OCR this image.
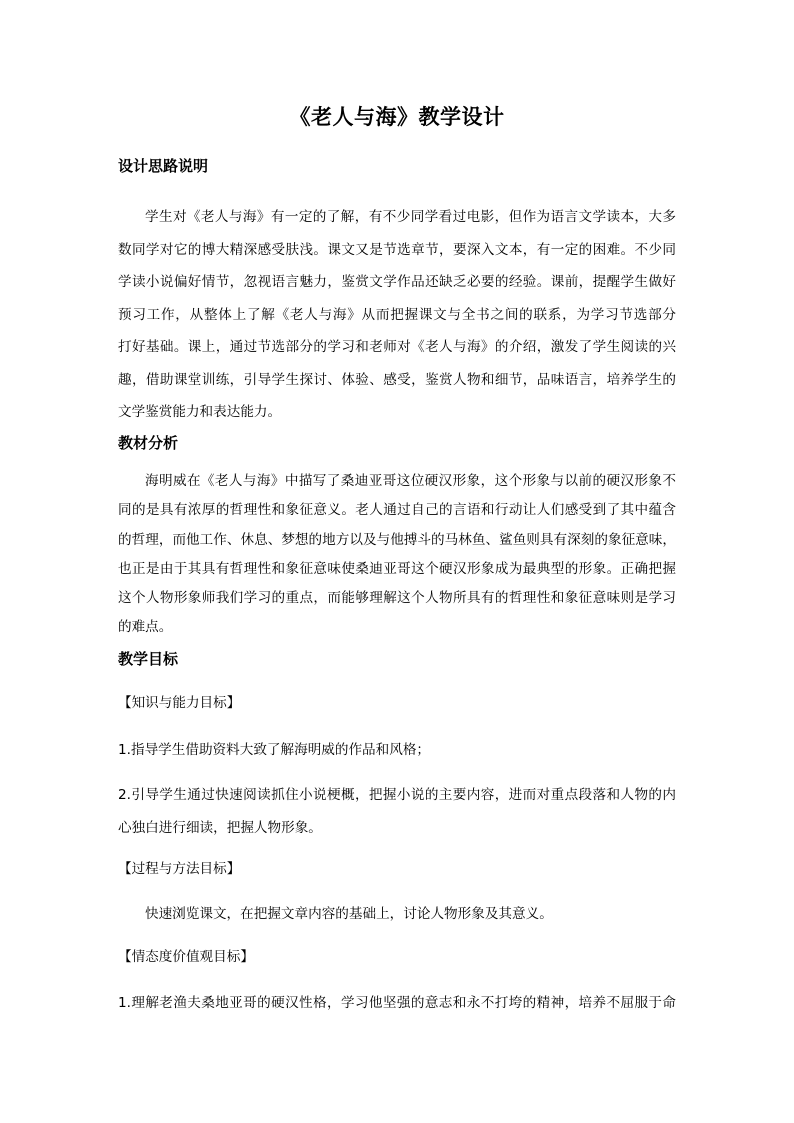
《老人与海》教学设计
设计思路说明
学生对《老人与海》有一定的了解，有不少同学看过电影，但作为语言文学读本，大多
数同学对它的博大精深感受肤浅。课文又是节选章节，要深入文本，有一定的困难。不少同
学读小说偏好情节，忽视语言魅力，鉴赏文学作品还缺乏必要的经验。课前，提醒学生做好
预习工作，从整体上了解《老人与海》从而把握课文与全书之间的联系，为学习节选部分
打好基础。课上，通过节选部分的学习和老师对《老人与海》的介绍，激发了学生阅读的兴
趣，借助课堂训练，引导学生探讨、体验、感受，鉴赏人物和细节，品味语言，培养学生的
文学鉴赏能力和表达能力。
教材分析
海明威在《老人与海》中描写了桑迪亚哥这位硬汉形象，这个形象与以前的硬汉形象不
同的是具有浓厚的哲理性和象征意义。老人通过自己的言语和行动让人们感受到了其中蕴含
的哲理，而他工作、休息、梦想的地方以及与他搏斗的马林鱼、鲨鱼则具有深刻的象征意味，
也正是由于其具有哲理性和象征意味使桑迪亚哥这个硬汉形象成为最典型的形象。正确把握
这个人物形象师我们学习的重点，而能够理解这个人物所具有的哲理性和象征意味则是学习
的难点。
教学目标
【知识与能力目标】
1.指导学生借助资料大致了解海明威的作品和风格；
2.引导学生通过快速阅读抓住小说梗概，把握小说的主要内容，进而对重点段落和人物的内
心独白进行细读，把握人物形象。
【过程与方法目标】
快速浏览课文，在把握文章内容的基础上，讨论人物形象及其意义。
【情态度价值观目标】
1.理解老渔夫桑地亚哥的硬汉性格，学习他坚强的意志和永不打垮的精神，培养不屈服于命
